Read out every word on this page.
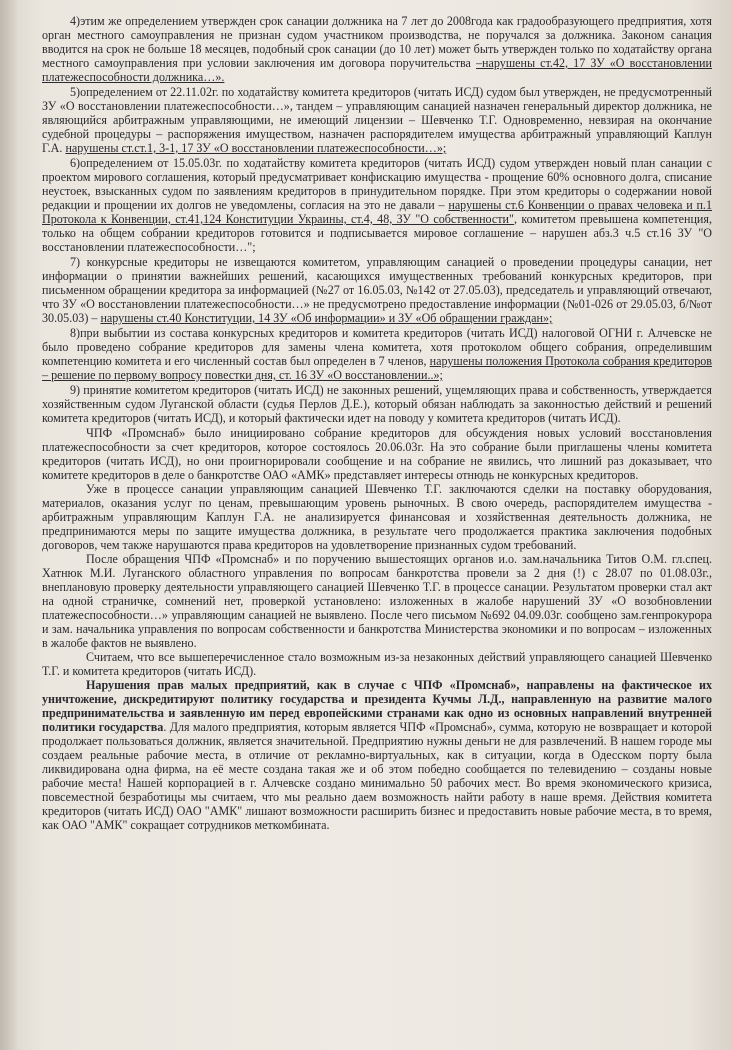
4)этим же определением утвержден срок санации должника на 7 лет до 2008года как градообразующего предприятия, хотя орган местного самоуправления не признан судом участником производства, не поручался за должника. Законом санация вводится на срок не больше 18 месяцев, подобный срок санации (до 10 лет) может быть утвержден только по ходатайству органа местного самоуправления при условии заключения им договора поручительства –нарушены ст.42, 17 ЗУ «О восстановлении платежеспособности должника…».

5)определением от 22.11.02г. по ходатайству комитета кредиторов (читать ИСД) судом был утвержден, не предусмотренный ЗУ «О восстановлении платежеспособности…», тандем – управляющим санацией назначен генеральный директор должника, не являющийся арбитражным управляющими, не имеющий лицензии – Шевченко Т.Г. Одновременно, невзирая на окончание судебной процедуры – распоряжения имуществом, назначен распорядителем имущества арбитражный управляющий Каплун Г.А. нарушены ст.ст.1, 3-1, 17 ЗУ «О восстановлении платежеспособности…»;

6)определением от 15.05.03г. по ходатайству комитета кредиторов (читать ИСД) судом утвержден новый план санации с проектом мирового соглашения, который предусматривает конфискацию имущества - прощение 60% основного долга, списание неустоек, взысканных судом по заявлениям кредиторов в принудительном порядке. При этом кредиторы о содержании новой редакции и прощении их долгов не уведомлены, согласия на это не давали – нарушены ст.6 Конвенции о правах человека и п.1 Протокола к Конвенции, ст.41,124 Конституции Украины, ст.4, 48, ЗУ "О собственности", комитетом превышена компетенция, только на общем собрании кредиторов готовится и подписывается мировое соглашение – нарушен абз.3 ч.5 ст.16 ЗУ "О восстановлении платежеспособности…";

7) конкурсные кредиторы не извещаются комитетом, управляющим санацией о проведении процедуры санации, нет информации о принятии важнейших решений, касающихся имущественных требований конкурсных кредиторов, при письменном обращении кредитора за информацией (№27 от 16.05.03, №142 от 27.05.03), председатель и управляющий отвечают, что ЗУ «О восстановлении платежеспособности…» не предусмотрено предоставление информации (№01-026 от 29.05.03, б/№от 30.05.03) – нарушены ст.40 Конституции, 14 ЗУ «Об информации» и ЗУ «Об обращении граждан»;

8)при выбытии из состава конкурсных кредиторов и комитета кредиторов (читать ИСД) налоговой ОГНИ г. Алчевске не было проведено собрание кредиторов для замены члена комитета, хотя протоколом общего собрания, определившим компетенцию комитета и его численный состав был определен в 7 членов, нарушены положения Протокола собрания кредиторов – решение по первому вопросу повестки дня, ст. 16 ЗУ «О восстановлении..»;

9) принятие комитетом кредиторов (читать ИСД) не законных решений, ущемляющих права и собственность, утверждается хозяйственным судом Луганской области (судья Перлов Д.Е.), который обязан наблюдать за законностью действий и решений комитета кредиторов (читать ИСД), и который фактически идет на поводу у комитета кредиторов (читать ИСД).

ЧПФ «Промснаб» было инициировано собрание кредиторов для обсуждения новых условий восстановления платежеспособности за счет кредиторов, которое состоялось 20.06.03г. На это собрание были приглашены члены комитета кредиторов (читать ИСД), но они проигнорировали сообщение и на собрание не явились, что лишний раз доказывает, что комитете кредиторов в деле о банкротстве ОАО «АМК» представляет интересы отнюдь не конкурсных кредиторов.

Уже в процессе санации управляющим санацией Шевченко Т.Г. заключаются сделки на поставку оборудования, материалов, оказания услуг по ценам, превышающим уровень рыночных. В свою очередь, распорядителем имущества - арбитражным управляющим Каплун Г.А. не анализируется финансовая и хозяйственная деятельность должника, не предпринимаются меры по защите имущества должника, в результате чего продолжается практика заключения подобных договоров, чем также нарушаются права кредиторов на удовлетворение признанных судом требований.

После обращения ЧПФ «Промснаб» и по поручению вышестоящих органов и.о. зам.начальника Титов О.М. гл.спец. Хатнюк М.И. Луганского областного управления по вопросам банкротства провели за 2 дня (!) с 28.07 по 01.08.03г., внеплановую проверку деятельности управляющего санацией Шевченко Т.Г. в процессе санации. Результатом проверки стал акт на одной страничке, сомнений нет, проверкой установлено: изложенных в жалобе нарушений ЗУ «О возобновлении платежеспособности…» управляющим санацией не выявлено. После чего письмом №692 04.09.03г. сообщено зам.генпрокурора и зам. начальника управления по вопросам собственности и банкротства Министерства экономики и по вопросам – изложенных в жалобе фактов не выявлено.

Считаем, что все вышеперечисленное стало возможным из-за незаконных действий управляющего санацией Шевченко Т.Г. и комитета кредиторов (читать ИСД).

Нарушения прав малых предприятий, как в случае с ЧПФ «Промснаб», направлены на фактическое их уничтожение, дискредитируют политику государства и президента Кучмы Л.Д., направленную на развитие малого предпринимательства и заявленную им перед европейскими странами как одно из основных направлений внутренней политики государства. Для малого предприятия, которым является ЧПФ «Промснаб», сумма, которую не возвращает и которой продолжает пользоваться должник, является значительной. Предприятию нужны деньги не для развлечений. В нашем городе мы создаем реальные рабочие места, в отличие от рекламно-виртуальных, как в ситуации, когда в Одесском порту была ликвидирована одна фирма, на её месте создана такая же и об этом победно сообщается по телевидению – созданы новые рабочие места! Нашей корпорацией в г. Алчевске создано минимально 50 рабочих мест. Во время экономического кризиса, повсеместной безработицы мы считаем, что мы реально даем возможность найти работу в наше время. Действия комитета кредиторов (читать ИСД) ОАО "АМК" лишают возможности расширить бизнес и предоставить новые рабочие места, в то время, как ОАО "АМК" сокращает сотрудников меткомбината.
